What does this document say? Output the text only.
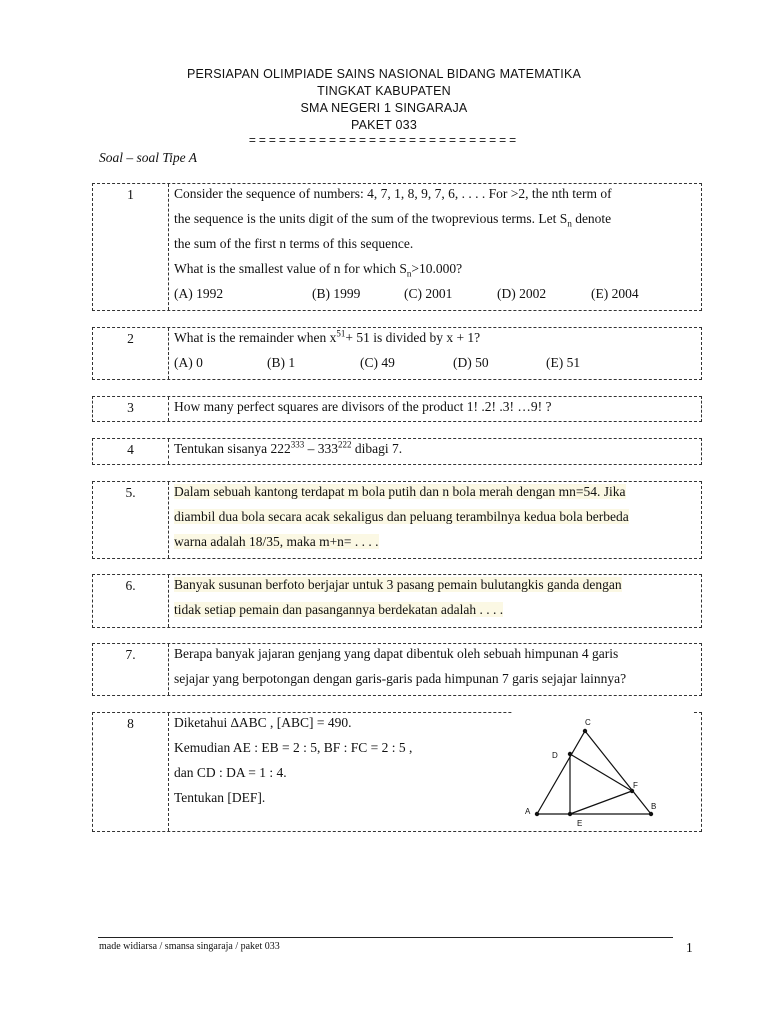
PERSIAPAN OLIMPIADE SAINS NASIONAL BIDANG MATEMATIKA
TINGKAT KABUPATEN
SMA NEGERI 1 SINGARAJA
PAKET 033
===========================
Soal – soal Tipe A
1	Consider the sequence of numbers: 4, 7, 1, 8, 9, 7, 6, . . . . For >2, the nth term of
the sequence is the units digit of the sum of the twoprevious terms. Let $S_n$ denote
the sum of the first n terms of this sequence.
What is the smallest value of n for which $S_n>10.000$?
(A) 1992	(B) 1999	(C) 2001	(D) 2002	(E) 2004
2	What is the remainder when $x^{51}+ 51$ is divided by x + 1?
(A) 0	(B) 1	(C) 49	(D) 50	(E) 51
3	How many perfect squares are divisors of the product 1! .2! .3! …9! ?
4	Tentukan sisanya $222^{333} - 333^{222}$ dibagi 7.
5.	Dalam sebuah kantong terdapat m bola putih dan n bola merah dengan mn=54. Jika
diambil dua bola secara acak sekaligus dan peluang terambilnya kedua bola berbeda
warna adalah 18/35, maka m+n= . . . .
6.	Banyak susunan berfoto berjajar untuk 3 pasang pemain bulutangkis ganda dengan
tidak setiap pemain dan pasangannya berdekatan adalah . . . .
7.	Berapa banyak jajaran genjang yang dapat dibentuk oleh sebuah himpunan 4 garis
sejajar yang berpotongan dengan garis-garis pada himpunan 7 garis sejajar lainnya?
8	Diketahui ∆ABC , [ABC] = 490.
Kemudian AE : EB = 2 : 5, BF : FC = 2 : 5 ,
dan CD : DA = 1 : 4.
Tentukan [DEF].
C
D
F
A
B
E
made widiarsa / smansa singaraja / paket 033	1
